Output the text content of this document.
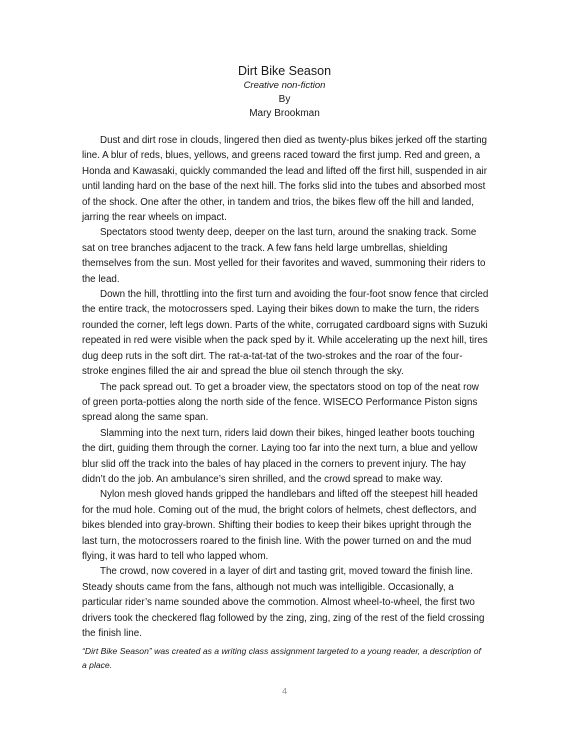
Dirt Bike Season

Creative non-fiction

By

Mary Brookman

Dust and dirt rose in clouds, lingered then died as twenty-plus bikes jerked off the starting line. A blur of reds, blues, yellows, and greens raced toward the first jump. Red and green, a Honda and Kawasaki, quickly commanded the lead and lifted off the first hill, suspended in air until landing hard on the base of the next hill. The forks slid into the tubes and absorbed most of the shock. One after the other, in tandem and trios, the bikes flew off the hill and landed, jarring the rear wheels on impact.

Spectators stood twenty deep, deeper on the last turn, around the snaking track. Some sat on tree branches adjacent to the track. A few fans held large umbrellas, shielding themselves from the sun. Most yelled for their favorites and waved, summoning their riders to the lead.

Down the hill, throttling into the first turn and avoiding the four-foot snow fence that circled the entire track, the motocrossers sped. Laying their bikes down to make the turn, the riders rounded the corner, left legs down. Parts of the white, corrugated cardboard signs with Suzuki repeated in red were visible when the pack sped by it. While accelerating up the next hill, tires dug deep ruts in the soft dirt. The rat-a-tat-tat of the two-strokes and the roar of the four-stroke engines filled the air and spread the blue oil stench through the sky.

The pack spread out. To get a broader view, the spectators stood on top of the neat row of green porta-potties along the north side of the fence. WISECO Performance Piston signs spread along the same span.

Slamming into the next turn, riders laid down their bikes, hinged leather boots touching the dirt, guiding them through the corner. Laying too far into the next turn, a blue and yellow blur slid off the track into the bales of hay placed in the corners to prevent injury. The hay didn’t do the job. An ambulance’s siren shrilled, and the crowd spread to make way.

Nylon mesh gloved hands gripped the handlebars and lifted off the steepest hill headed for the mud hole. Coming out of the mud, the bright colors of helmets, chest deflectors, and bikes blended into gray-brown. Shifting their bodies to keep their bikes upright through the last turn, the motocrossers roared to the finish line. With the power turned on and the mud flying, it was hard to tell who lapped whom.

The crowd, now covered in a layer of dirt and tasting grit, moved toward the finish line. Steady shouts came from the fans, although not much was intelligible. Occasionally, a particular rider’s name sounded above the commotion. Almost wheel-to-wheel, the first two drivers took the checkered flag followed by the zing, zing, zing of the rest of the field crossing the finish line.

“Dirt Bike Season” was created as a writing class assignment targeted to a young reader, a description of a place.

4
